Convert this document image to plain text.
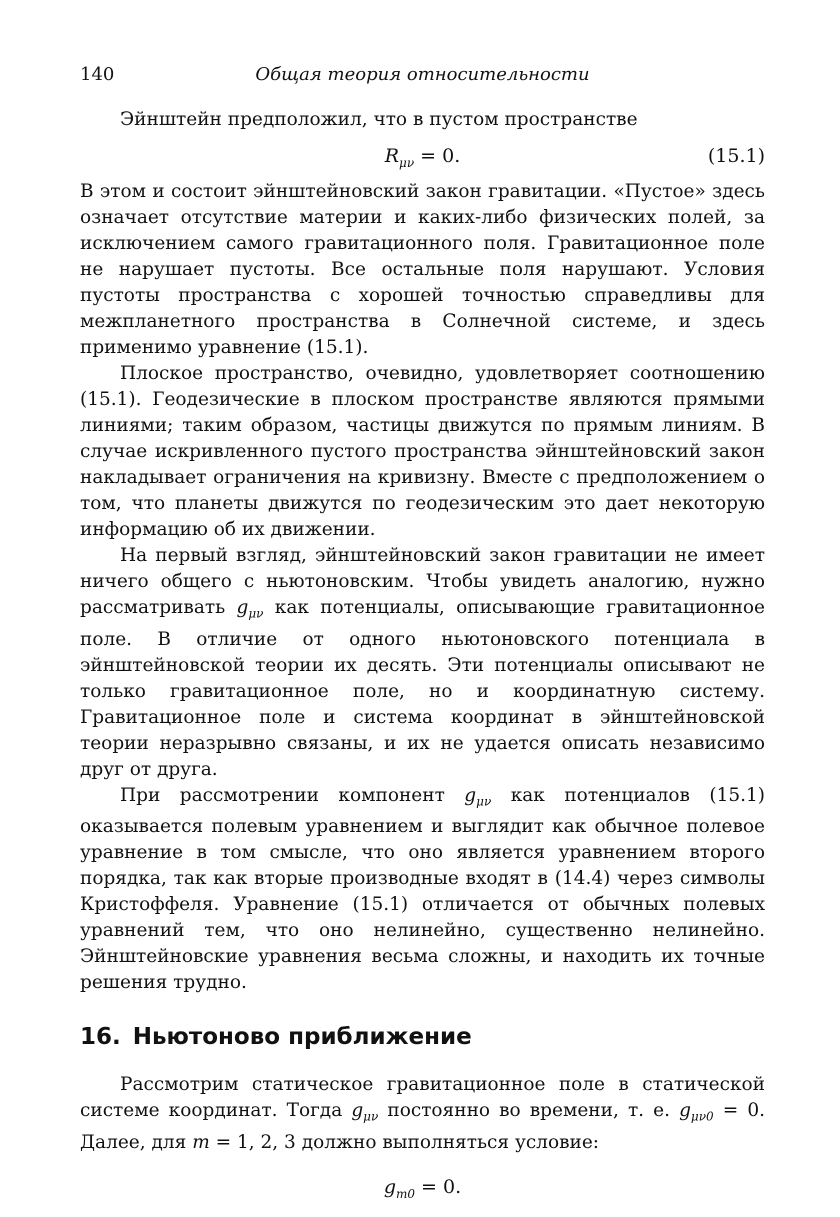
140	Общая теория относительности

Эйнштейн предположил, что в пустом пространстве

$R_{\mu\nu} = 0$.	(15.1)

В этом и состоит эйнштейновский закон гравитации. «Пустое» здесь означает отсутствие материи и каких-либо физических полей, за исключением самого гравитационного поля. Гравитационное поле не нарушает пустоты. Все остальные поля нарушают. Условия пустоты пространства с хорошей точностью справедливы для межпланетного пространства в Солнечной системе, и здесь применимо уравнение (15.1).

Плоское пространство, очевидно, удовлетворяет соотношению (15.1). Геодезические в плоском пространстве являются прямыми линиями; таким образом, частицы движутся по прямым линиям. В случае искривленного пустого пространства эйнштейновский закон накладывает ограничения на кривизну. Вместе с предположением о том, что планеты движутся по геодезическим это дает некоторую информацию об их движении.

На первый взгляд, эйнштейновский закон гравитации не имеет ничего общего с ньютоновским. Чтобы увидеть аналогию, нужно рассматривать $g_{\mu\nu}$ как потенциалы, описывающие гравитационное поле. В отличие от одного ньютоновского потенциала в эйнштейновской теории их десять. Эти потенциалы описывают не только гравитационное поле, но и координатную систему. Гравитационное поле и система координат в эйнштейновской теории неразрывно связаны, и их не удается описать независимо друг от друга.

При рассмотрении компонент $g_{\mu\nu}$ как потенциалов (15.1) оказывается полевым уравнением и выглядит как обычное полевое уравнение в том смысле, что оно является уравнением второго порядка, так как вторые производные входят в (14.4) через символы Кристоффеля. Уравнение (15.1) отличается от обычных полевых уравнений тем, что оно нелинейно, существенно нелинейно. Эйнштейновские уравнения весьма сложны, и находить их точные решения трудно.

16. Ньютоново приближение

Рассмотрим статическое гравитационное поле в статической системе координат. Тогда $g_{\mu\nu}$ постоянно во времени, т. е. $g_{\mu\nu 0} = 0$. Далее, для m = 1, 2, 3 должно выполняться условие:

$g_{m0} = 0$.
